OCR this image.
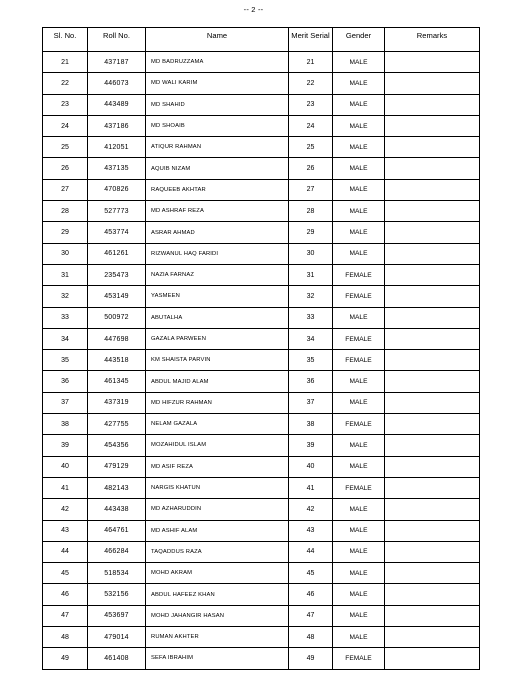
-- 2 --
Sl. No.	Roll No.	Name	Merit Serial	Gender	Remarks
21	437187	MD BADRUZZAMA	21	MALE	
22	446073	MD WALI KARIM	22	MALE	
23	443489	MD SHAHID	23	MALE	
24	437186	MD SHOAIB	24	MALE	
25	412051	ATIQUR RAHMAN	25	MALE	
26	437135	AQUIB NIZAM	26	MALE	
27	470826	RAQUEEB AKHTAR	27	MALE	
28	527773	MD ASHRAF REZA	28	MALE	
29	453774	ASRAR AHMAD	29	MALE	
30	461261	RIZWANUL HAQ FARIDI	30	MALE	
31	235473	NAZIA FARNAZ	31	FEMALE	
32	453149	YASMEEN	32	FEMALE	
33	500972	ABUTALHA	33	MALE	
34	447698	GAZALA PARWEEN	34	FEMALE	
35	443518	KM SHAISTA PARVIN	35	FEMALE	
36	461345	ABDUL MAJID ALAM	36	MALE	
37	437319	MD HIFZUR RAHMAN	37	MALE	
38	427755	NELAM GAZALA	38	FEMALE	
39	454356	MOZAHIDUL ISLAM	39	MALE	
40	479129	MD ASIF REZA	40	MALE	
41	482143	NARGIS KHATUN	41	FEMALE	
42	443438	MD AZHARUDDIN	42	MALE	
43	464761	MD ASHIF ALAM	43	MALE	
44	466284	TAQADDUS RAZA	44	MALE	
45	518534	MOHD AKRAM	45	MALE	
46	532156	ABDUL HAFEEZ KHAN	46	MALE	
47	453697	MOHD JAHANGIR HASAN	47	MALE	
48	479014	RUMAN AKHTER	48	MALE	
49	461408	SEFA IBRAHIM	49	FEMALE	
